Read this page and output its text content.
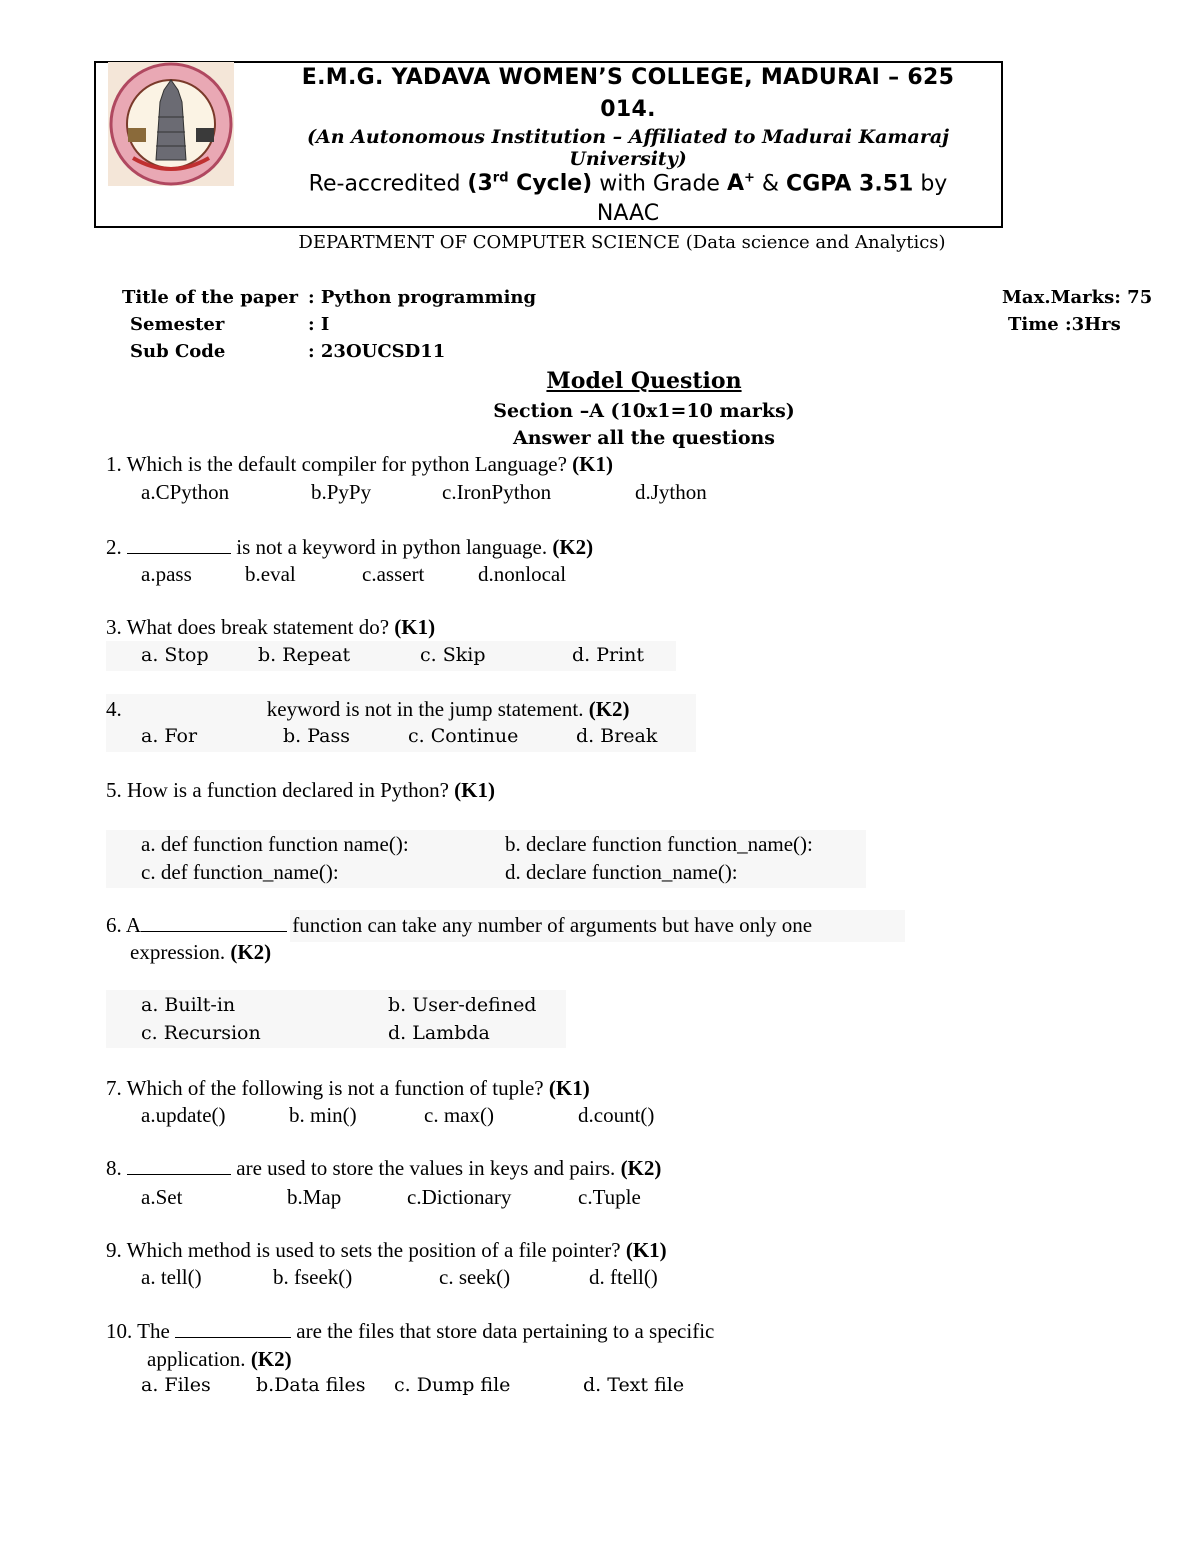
E.M.G. YADAVA WOMEN’S COLLEGE, MADURAI – 625
014.
(An Autonomous Institution – Affiliated to Madurai Kamaraj University)
Re-accredited (3rd Cycle) with Grade A+ & CGPA 3.51 by
NAAC
DEPARTMENT OF COMPUTER SCIENCE (Data science and Analytics)
Title of the paper : Python programming
Semester	: I
Sub Code	: 23OUCSD11
Max.Marks: 75
Time :3Hrs
Model Question
Section –A (10x1=10 marks)
Answer all the questions
1. Which is the default compiler for python Language? (K1)
a.CPython	b.PyPy	c.IronPython	d.Jython
2.	is not a keyword in python language. (K2)
a.pass	b.eval	c.assert	d.nonlocal
3. What does break statement do? (K1)
a. Stop	b. Repeat	c. Skip	d. Print
4.	keyword is not in the jump statement. (K2)
a. For	b. Pass	c. Continue	d. Break
5. How is a function declared in Python? (K1)
a. def function function name():	b. declare function function_name():
c. def function_name():	d. declare function_name():
6. A	function can take any number of arguments but have only one
expression. (K2)
a. Built-in	b. User-defined
c. Recursion	d. Lambda
7. Which of the following is not a function of tuple? (K1)
a.update()	b. min()	c. max()	d.count()
8.	are used to store the values in keys and pairs. (K2)
a.Set	b.Map	c.Dictionary	c.Tuple
9. Which method is used to sets the position of a file pointer? (K1)
a. tell()	b. fseek()	c. seek()	d. ftell()
10. The	are the files that store data pertaining to a specific
application. (K2)
a. Files b.Data files c. Dump file	d. Text file
